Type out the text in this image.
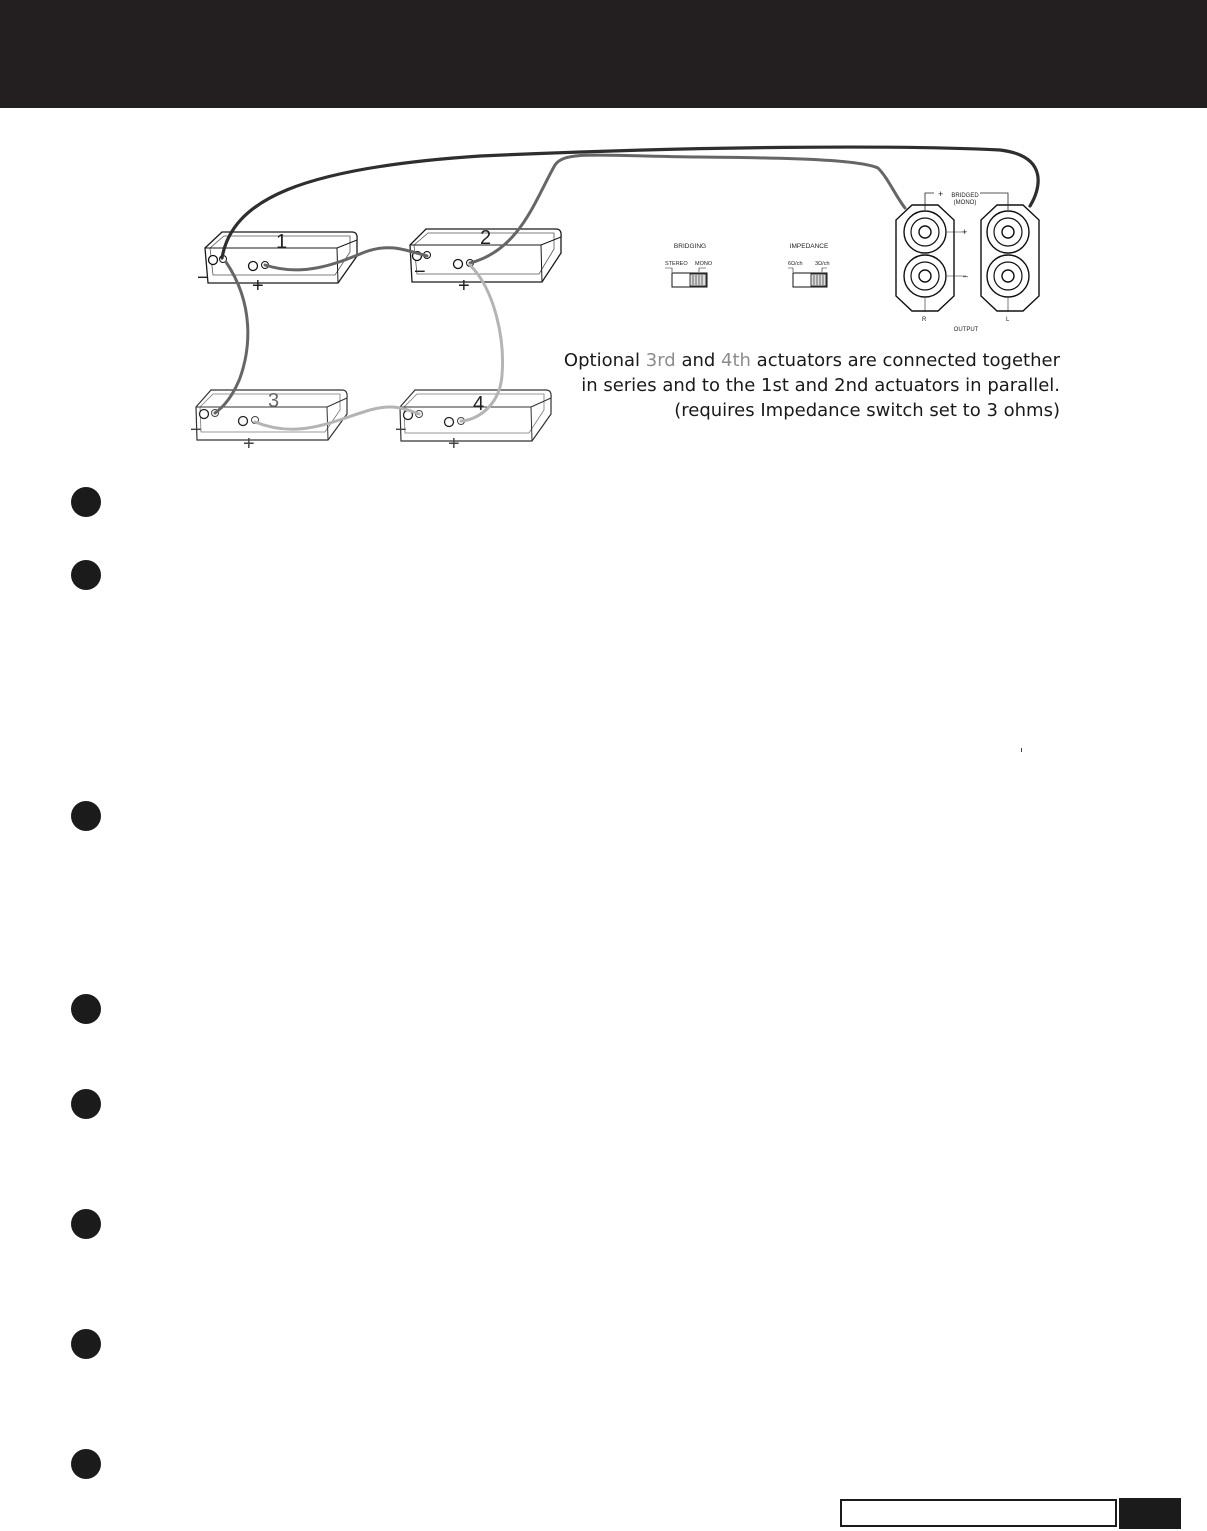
1
− +
2
−
+
3
−
+
4
−
+
BRIDGING
STEREO MONO
IMPEDANCE
6Ω/ch 3Ω/ch
+ BRIDGED
(MONO)
+
–
R	L
OUTPUT
Optional 3rd and 4th actuators are connected together
in series and to the 1st and 2nd actuators in parallel.
(requires Impedance switch set to 3 ohms)
